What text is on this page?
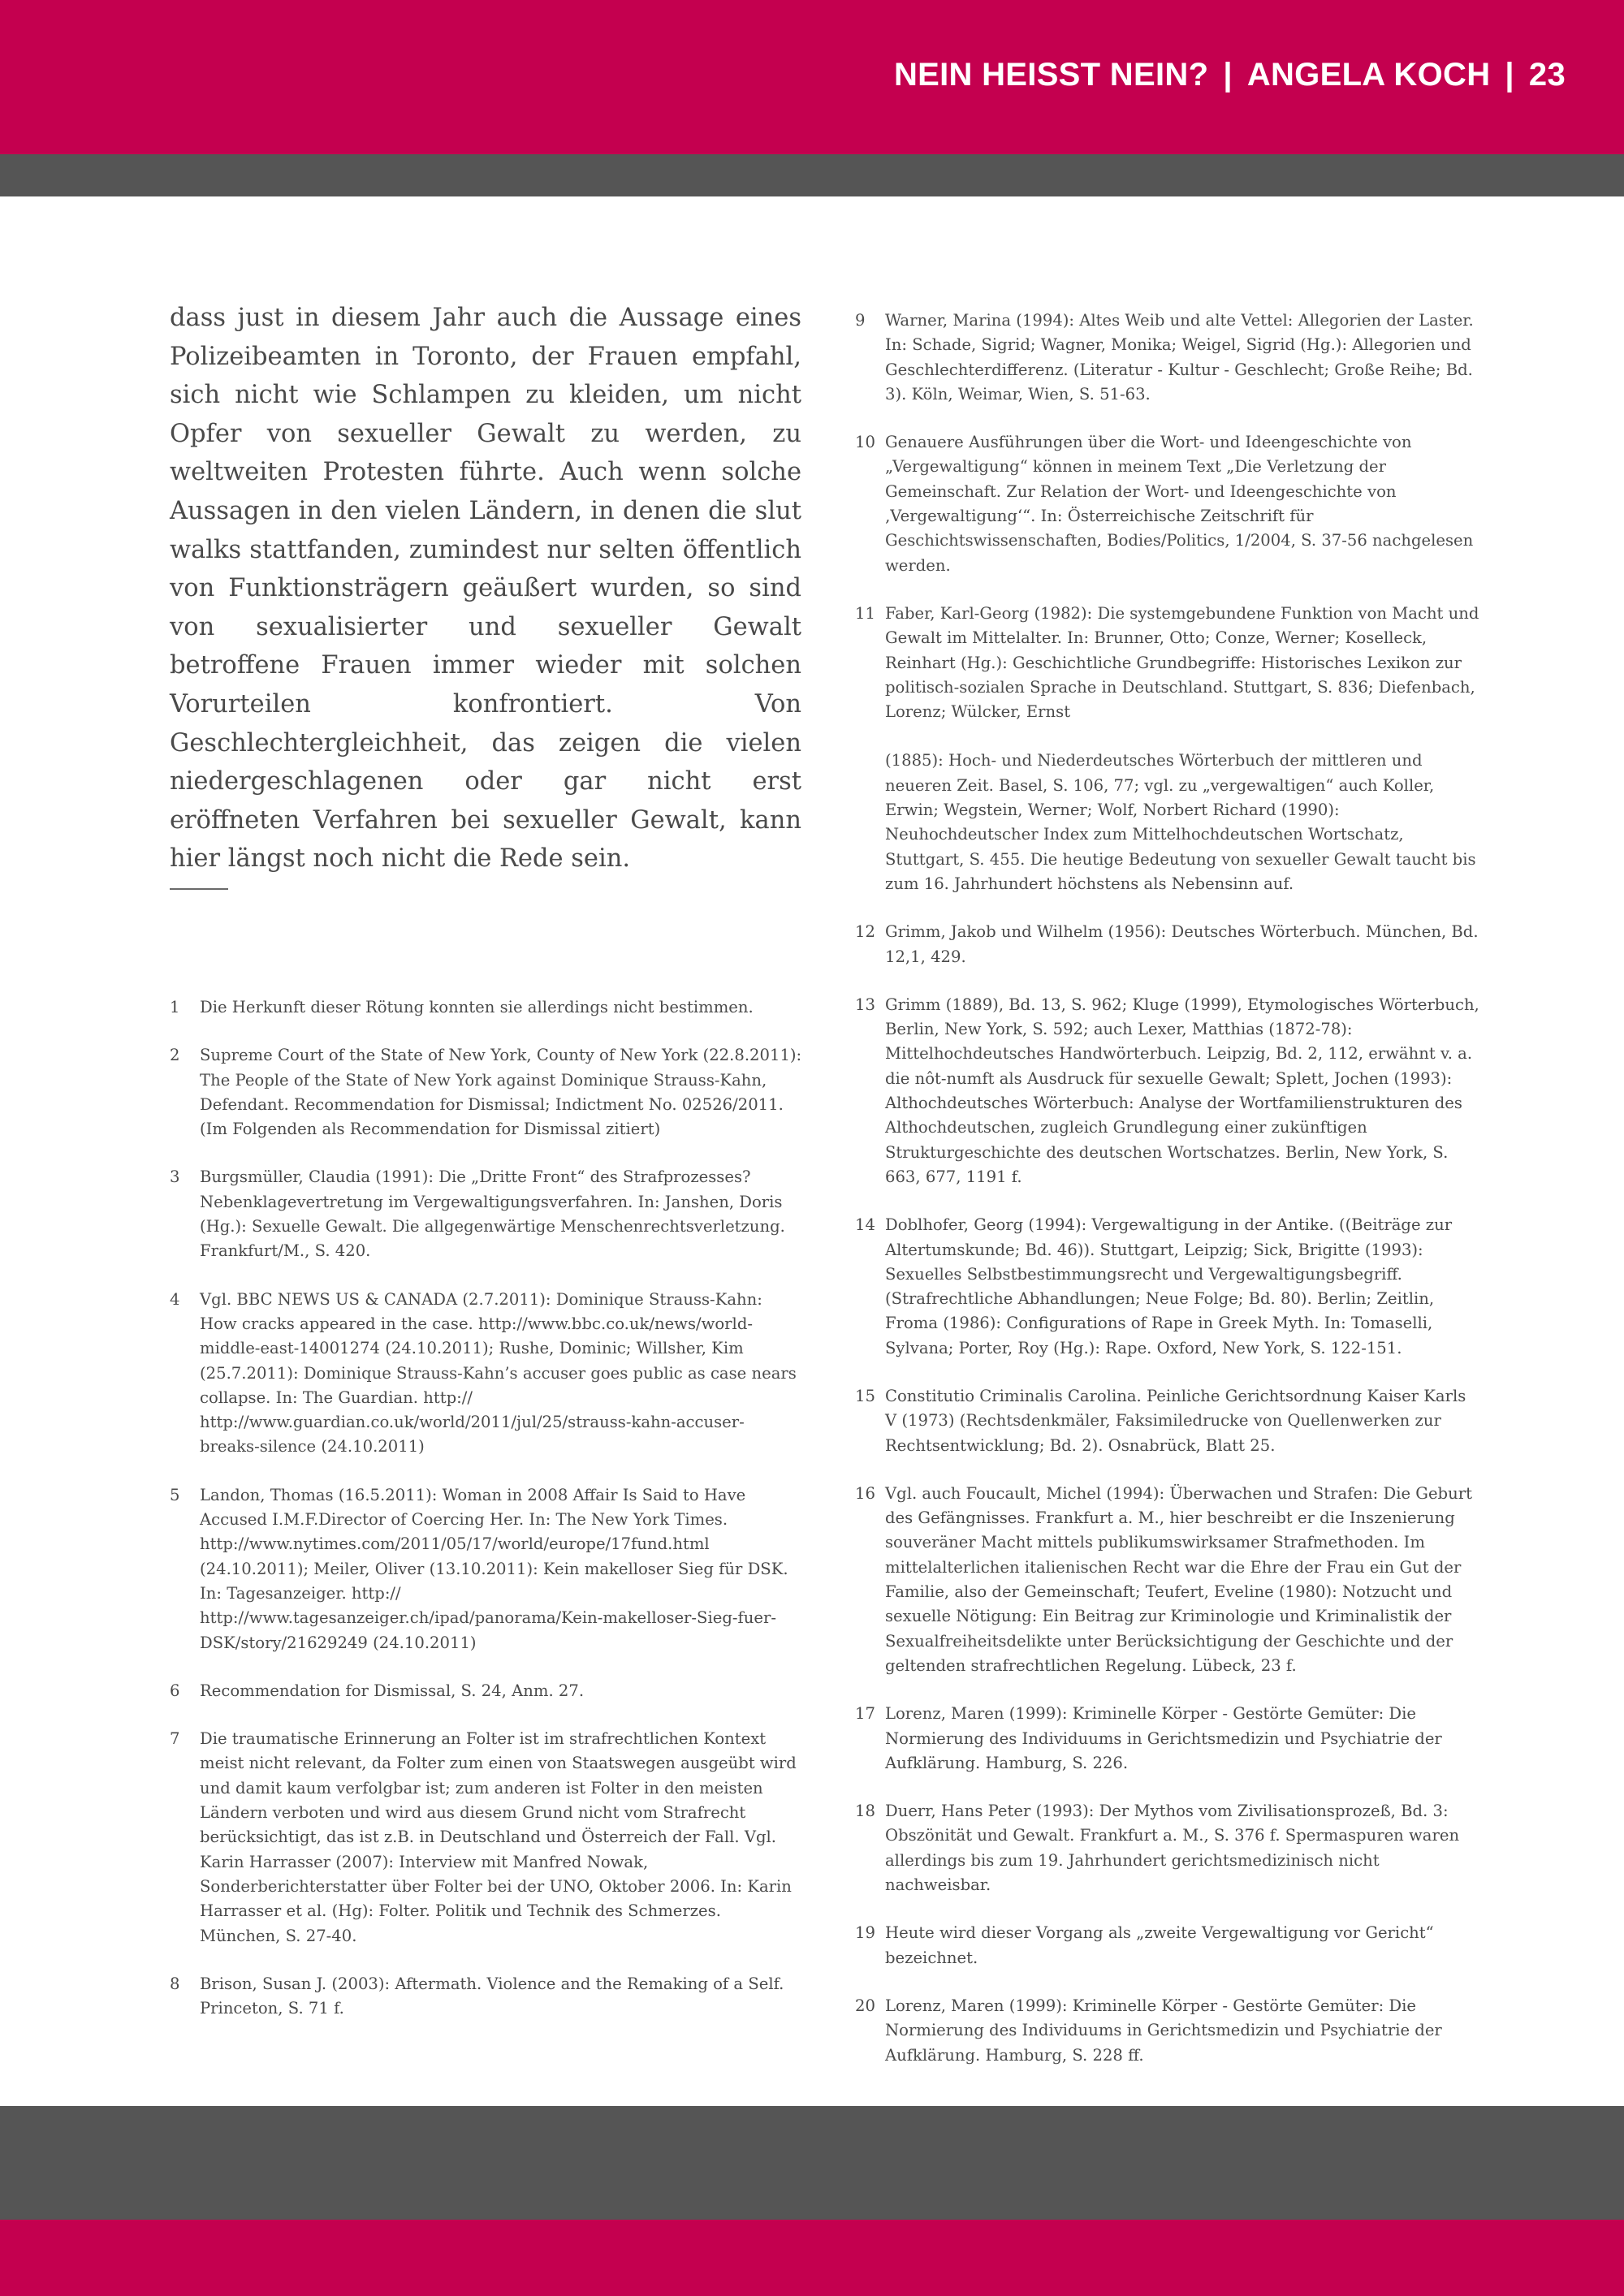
NEIN HEISST NEIN? | ANGELA KOCH | 23

dass just in diesem Jahr auch die Aussage eines Polizeibeamten in Toronto, der Frauen empfahl, sich nicht wie Schlampen zu kleiden, um nicht Opfer von sexueller Gewalt zu werden, zu weltweiten Protesten führte. Auch wenn solche Aussagen in den vielen Ländern, in denen die slut walks stattfanden, zumindest nur selten öffentlich von Funktionsträgern geäußert wurden, so sind von sexualisierter und sexueller Gewalt betroffene Frauen immer wieder mit solchen Vorurteilen konfrontiert. Von Geschlechtergleichheit, das zeigen die vielen niedergeschlagenen oder gar nicht erst eröffneten Verfahren bei sexueller Gewalt, kann hier längst noch nicht die Rede sein.

1 Die Herkunft dieser Rötung konnten sie allerdings nicht bestimmen.
2 Supreme Court of the State of New York, County of New York (22.8.2011): The People of the State of New York against Dominique Strauss-Kahn, Defendant. Recommendation for Dismissal; Indictment No. 02526/2011. (Im Folgenden als Recommendation for Dismissal zitiert)
3 Burgsmüller, Claudia (1991): Die „Dritte Front“ des Strafprozesses? Nebenklagevertretung im Vergewaltigungsverfahren. In: Janshen, Doris (Hg.): Sexuelle Gewalt. Die allgegenwärtige Menschenrechtsverletzung. Frankfurt/M., S. 420.
4 Vgl. BBC NEWS US & CANADA (2.7.2011): Dominique Strauss-Kahn: How cracks appeared in the case. http://www.bbc.co.uk/news/world-middle-east-14001274 (24.10.2011); Rushe, Dominic; Willsher, Kim (25.7.2011): Dominique Strauss-Kahn’s accuser goes public as case nears collapse. In: The Guardian. http:// http://www.guardian.co.uk/world/2011/jul/25/strauss-kahn-accuser-breaks-silence (24.10.2011)
5 Landon, Thomas (16.5.2011): Woman in 2008 Affair Is Said to Have Accused I.M.F.Director of Coercing Her. In: The New York Times. http://www.nytimes.com/2011/05/17/world/europe/17fund.html (24.10.2011); Meiler, Oliver (13.10.2011): Kein makelloser Sieg für DSK. In: Tagesanzeiger. http:// http://www.tagesanzeiger.ch/ipad/panorama/Kein-makelloser-Sieg-fuer-DSK/story/21629249 (24.10.2011)
6 Recommendation for Dismissal, S. 24, Anm. 27.
7 Die traumatische Erinnerung an Folter ist im strafrechtlichen Kontext meist nicht relevant, da Folter zum einen von Staatswegen ausgeübt wird und damit kaum verfolgbar ist; zum anderen ist Folter in den meisten Ländern verboten und wird aus diesem Grund nicht vom Strafrecht berücksichtigt, das ist z.B. in Deutschland und Österreich der Fall. Vgl. Karin Harrasser (2007): Interview mit Manfred Nowak, Sonderberichterstatter über Folter bei der UNO, Oktober 2006. In: Karin Harrasser et al. (Hg): Folter. Politik und Technik des Schmerzes. München, S. 27-40.
8 Brison, Susan J. (2003): Aftermath. Violence and the Remaking of a Self. Princeton, S. 71 f.
9 Warner, Marina (1994): Altes Weib und alte Vettel: Allegorien der Laster. In: Schade, Sigrid; Wagner, Monika; Weigel, Sigrid (Hg.): Allegorien und Geschlechterdifferenz. (Literatur - Kultur - Geschlecht; Große Reihe; Bd. 3). Köln, Weimar, Wien, S. 51-63.
10 Genauere Ausführungen über die Wort- und Ideengeschichte von „Vergewaltigung“ können in meinem Text „Die Verletzung der Gemeinschaft. Zur Relation der Wort- und Ideengeschichte von ‚Vergewaltigung‘“. In: Österreichische Zeitschrift für Geschichtswissenschaften, Bodies/Politics, 1/2004, S. 37-56 nachgelesen werden.
11 Faber, Karl-Georg (1982): Die systemgebundene Funktion von Macht und Gewalt im Mittelalter. In: Brunner, Otto; Conze, Werner; Koselleck, Reinhart (Hg.): Geschichtliche Grundbegriffe: Historisches Lexikon zur politisch-sozialen Sprache in Deutschland. Stuttgart, S. 836; Diefenbach, Lorenz; Wülcker, Ernst
(1885): Hoch- und Niederdeutsches Wörterbuch der mittleren und neueren Zeit. Basel, S. 106, 77; vgl. zu „vergewaltigen“ auch Koller, Erwin; Wegstein, Werner; Wolf, Norbert Richard (1990): Neuhochdeutscher Index zum Mittelhochdeutschen Wortschatz, Stuttgart, S. 455. Die heutige Bedeutung von sexueller Gewalt taucht bis zum 16. Jahrhundert höchstens als Nebensinn auf.
12 Grimm, Jakob und Wilhelm (1956): Deutsches Wörterbuch. München, Bd. 12,1, 429.
13 Grimm (1889), Bd. 13, S. 962; Kluge (1999), Etymologisches Wörterbuch, Berlin, New York, S. 592; auch Lexer, Matthias (1872-78): Mittelhochdeutsches Handwörterbuch. Leipzig, Bd. 2, 112, erwähnt v. a. die nôt-numft als Ausdruck für sexuelle Gewalt; Splett, Jochen (1993): Althochdeutsches Wörterbuch: Analyse der Wortfamilienstrukturen des Althochdeutschen, zugleich Grundlegung einer zukünftigen Strukturgeschichte des deutschen Wortschatzes. Berlin, New York, S. 663, 677, 1191 f.
14 Doblhofer, Georg (1994): Vergewaltigung in der Antike. ((Beiträge zur Altertumskunde; Bd. 46)). Stuttgart, Leipzig; Sick, Brigitte (1993): Sexuelles Selbstbestimmungsrecht und Vergewaltigungsbegriff. (Strafrechtliche Abhandlungen; Neue Folge; Bd. 80). Berlin; Zeitlin, Froma (1986): Configurations of Rape in Greek Myth. In: Tomaselli, Sylvana; Porter, Roy (Hg.): Rape. Oxford, New York, S. 122-151.
15 Constitutio Criminalis Carolina. Peinliche Gerichtsordnung Kaiser Karls V (1973) (Rechtsdenkmäler, Faksimiledrucke von Quellenwerken zur Rechtsentwicklung; Bd. 2). Osnabrück, Blatt 25.
16 Vgl. auch Foucault, Michel (1994): Überwachen und Strafen: Die Geburt des Gefängnisses. Frankfurt a. M., hier beschreibt er die Inszenierung souveräner Macht mittels publikumswirksamer Strafmethoden. Im mittelalterlichen italienischen Recht war die Ehre der Frau ein Gut der Familie, also der Gemeinschaft; Teufert, Eveline (1980): Notzucht und sexuelle Nötigung: Ein Beitrag zur Kriminologie und Kriminalistik der Sexualfreiheitsdelikte unter Berücksichtigung der Geschichte und der geltenden strafrechtlichen Regelung. Lübeck, 23 f.
17 Lorenz, Maren (1999): Kriminelle Körper - Gestörte Gemüter: Die Normierung des Individuums in Gerichtsmedizin und Psychiatrie der Aufklärung. Hamburg, S. 226.
18 Duerr, Hans Peter (1993): Der Mythos vom Zivilisationsprozeß, Bd. 3: Obszönität und Gewalt. Frankfurt a. M., S. 376 f. Spermaspuren waren allerdings bis zum 19. Jahrhundert gerichtsmedizinisch nicht nachweisbar.
19 Heute wird dieser Vorgang als „zweite Vergewaltigung vor Gericht“ bezeichnet.
20 Lorenz, Maren (1999): Kriminelle Körper - Gestörte Gemüter: Die Normierung des Individuums in Gerichtsmedizin und Psychiatrie der Aufklärung. Hamburg, S. 228 ff.
